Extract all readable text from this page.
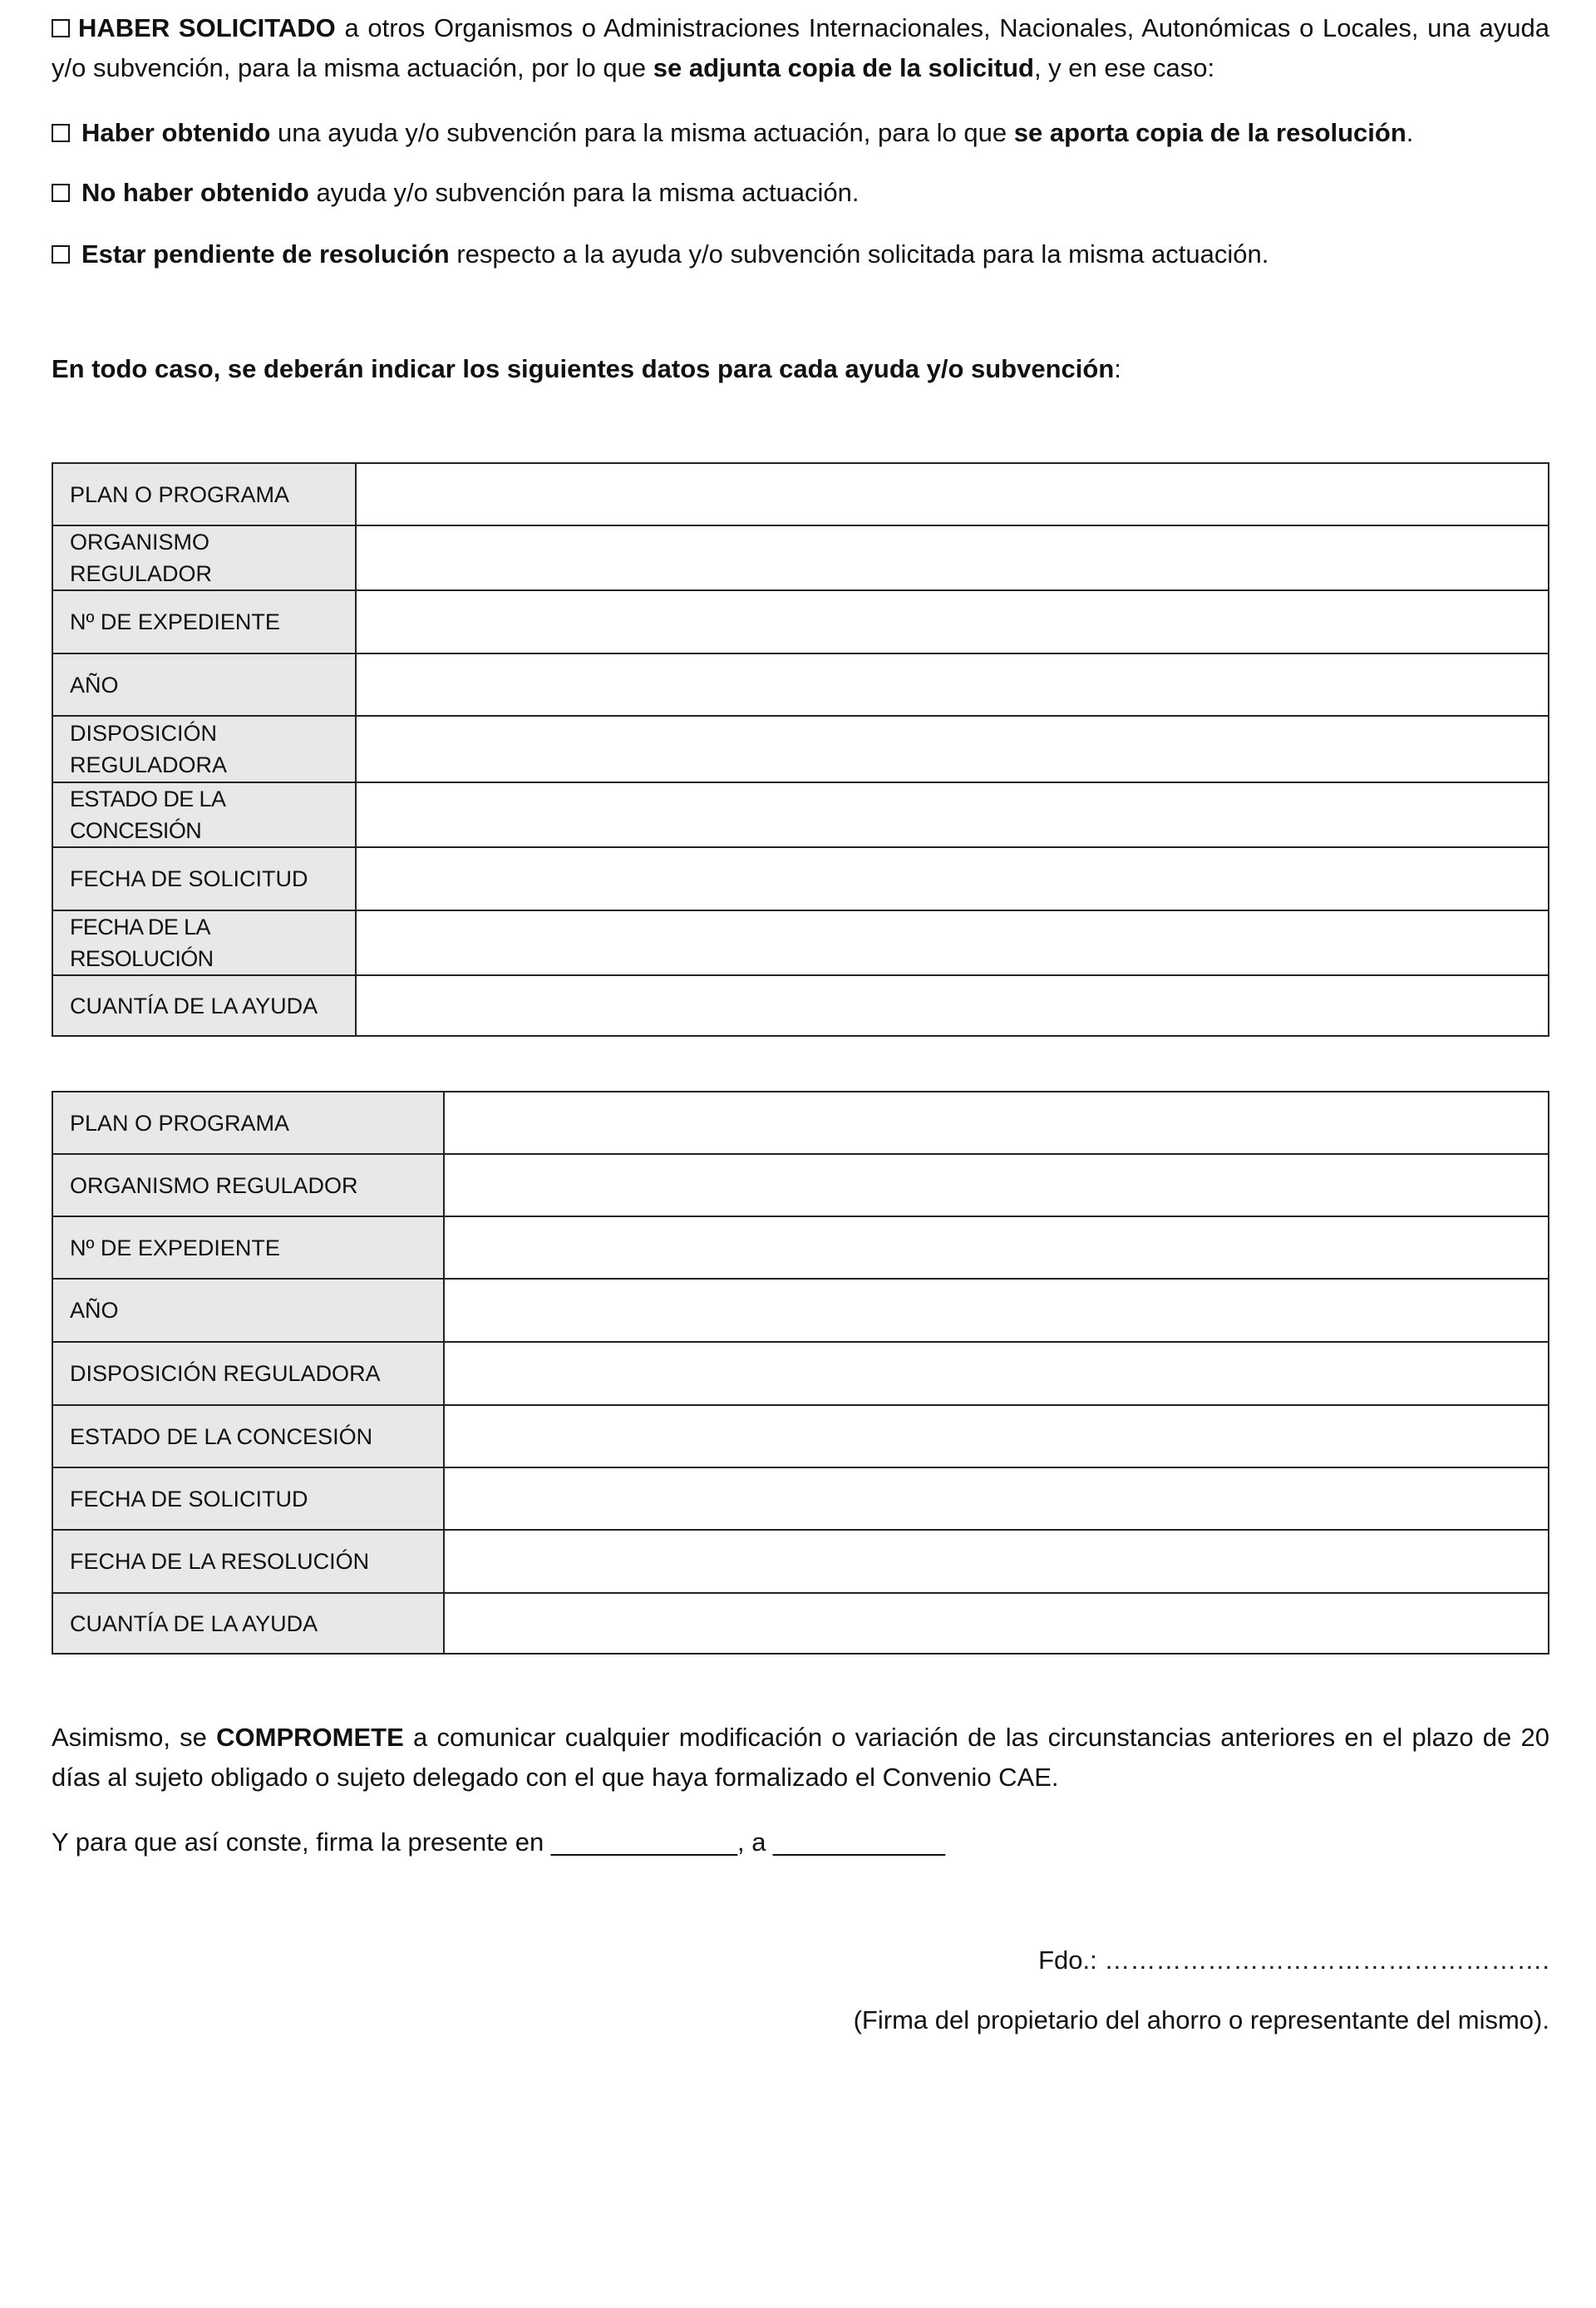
HABER SOLICITADO a otros Organismos o Administraciones Internacionales, Nacionales, Autonómicas o Locales, una ayuda y/o subvención, para la misma actuación, por lo que se adjunta copia de la solicitud, y en ese caso:

Haber obtenido una ayuda y/o subvención para la misma actuación, para lo que se aporta copia de la resolución.

No haber obtenido ayuda y/o subvención para la misma actuación.

Estar pendiente de resolución respecto a la ayuda y/o subvención solicitada para la misma actuación.

En todo caso, se deberán indicar los siguientes datos para cada ayuda y/o subvención:

PLAN O PROGRAMA	
ORGANISMO REGULADOR	
Nº DE EXPEDIENTE	
AÑO	
DISPOSICIÓN REGULADORA	
ESTADO DE LA CONCESIÓN	
FECHA DE SOLICITUD	
FECHA DE LA RESOLUCIÓN	
CUANTÍA DE LA AYUDA	
PLAN O PROGRAMA	
ORGANISMO REGULADOR	
Nº DE EXPEDIENTE	
AÑO	
DISPOSICIÓN REGULADORA	
ESTADO DE LA CONCESIÓN	
FECHA DE SOLICITUD	
FECHA DE LA RESOLUCIÓN	
CUANTÍA DE LA AYUDA	

Asimismo, se COMPROMETE a comunicar cualquier modificación o variación de las circunstancias anteriores en el plazo de 20 días al sujeto obligado o sujeto delegado con el que haya formalizado el Convenio CAE.

Y para que así conste, firma la presente en _____________, a ____________

Fdo.: …………………………………………….

(Firma del propietario del ahorro o representante del mismo).
